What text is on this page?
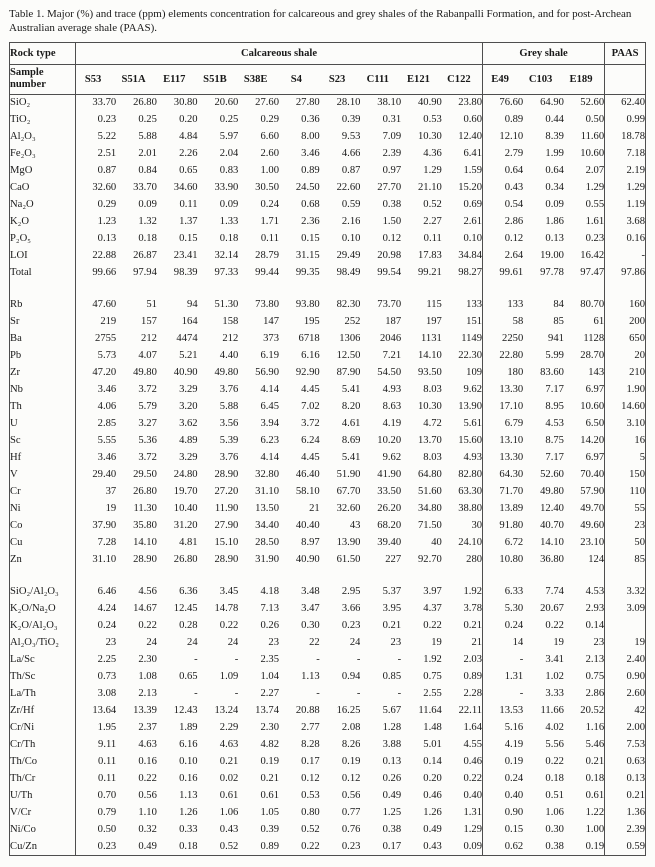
Table 1. Major (%) and trace (ppm) elements concentration for calcareous and grey shales of the Rabanpalli Formation, and for post-Archean Australian average shale (PAAS).
Rock type	Calcareous shale										Grey shale			PAAS
Sample number	S53	S51A	E117	S51B	S38E	S4	S23	C111	E121	C122	E49	C103	E189	
SiO₂	33.70	26.80	30.80	20.60	27.60	27.80	28.10	38.10	40.90	23.80	76.60	64.90	52.60	62.40
TiO₂	0.23	0.25	0.20	0.25	0.29	0.36	0.39	0.31	0.53	0.60	0.89	0.44	0.50	0.99
Al₂O₃	5.22	5.88	4.84	5.97	6.60	8.00	9.53	7.09	10.30	12.40	12.10	8.39	11.60	18.78
Fe₂O₃	2.51	2.01	2.26	2.04	2.60	3.46	4.66	2.39	4.36	6.41	2.79	1.99	10.60	7.18
MgO	0.87	0.84	0.65	0.83	1.00	0.89	0.87	0.97	1.29	1.59	0.64	0.64	2.07	2.19
CaO	32.60	33.70	34.60	33.90	30.50	24.50	22.60	27.70	21.10	15.20	0.43	0.34	1.29	1.29
Na₂O	0.29	0.09	0.11	0.09	0.24	0.68	0.59	0.38	0.52	0.69	0.54	0.09	0.55	1.19
K₂O	1.23	1.32	1.37	1.33	1.71	2.36	2.16	1.50	2.27	2.61	2.86	1.86	1.61	3.68
P₂O₅	0.13	0.18	0.15	0.18	0.11	0.15	0.10	0.12	0.11	0.10	0.12	0.13	0.23	0.16
LOI	22.88	26.87	23.41	32.14	28.79	31.15	29.49	20.98	17.83	34.84	2.64	19.00	16.42	-
Total	99.66	97.94	98.39	97.33	99.44	99.35	98.49	99.54	99.21	98.27	99.61	97.78	97.47	97.86

Rb	47.60	51	94	51.30	73.80	93.80	82.30	73.70	115	133	133	84	80.70	160
Sr	219	157	164	158	147	195	252	187	197	151	58	85	61	200
Ba	2755	212	4474	212	373	6718	1306	2046	1131	1149	2250	941	1128	650
Pb	5.73	4.07	5.21	4.40	6.19	6.16	12.50	7.21	14.10	22.30	22.80	5.99	28.70	20
Zr	47.20	49.80	40.90	49.80	56.90	92.90	87.90	54.50	93.50	109	180	83.60	143	210
Nb	3.46	3.72	3.29	3.76	4.14	4.45	5.41	4.93	8.03	9.62	13.30	7.17	6.97	1.90
Th	4.06	5.79	3.20	5.88	6.45	7.02	8.20	8.63	10.30	13.90	17.10	8.95	10.60	14.60
U	2.85	3.27	3.62	3.56	3.94	3.72	4.61	4.19	4.72	5.61	6.79	4.53	6.50	3.10
Sc	5.55	5.36	4.89	5.39	6.23	6.24	8.69	10.20	13.70	15.60	13.10	8.75	14.20	16
Hf	3.46	3.72	3.29	3.76	4.14	4.45	5.41	9.62	8.03	4.93	13.30	7.17	6.97	5
V	29.40	29.50	24.80	28.90	32.80	46.40	51.90	41.90	64.80	82.80	64.30	52.60	70.40	150
Cr	37	26.80	19.70	27.20	31.10	58.10	67.70	33.50	51.60	63.30	71.70	49.80	57.90	110
Ni	19	11.30	10.40	11.90	13.50	21	32.60	26.20	34.80	38.80	13.89	12.40	49.70	55
Co	37.90	35.80	31.20	27.90	34.40	40.40	43	68.20	71.50	30	91.80	40.70	49.60	23
Cu	7.28	14.10	4.81	15.10	28.50	8.97	13.90	39.40	40	24.10	6.72	14.10	23.10	50
Zn	31.10	28.90	26.80	28.90	31.90	40.90	61.50	227	92.70	280	10.80	36.80	124	85

SiO₂/Al₂O₃	6.46	4.56	6.36	3.45	4.18	3.48	2.95	5.37	3.97	1.92	6.33	7.74	4.53	3.32
K₂O/Na₂O	4.24	14.67	12.45	14.78	7.13	3.47	3.66	3.95	4.37	3.78	5.30	20.67	2.93	3.09
K₂O/Al₂O₃	0.24	0.22	0.28	0.22	0.26	0.30	0.23	0.21	0.22	0.21	0.24	0.22	0.14	
Al₂O₃/TiO₂	23	24	24	24	23	22	24	23	19	21	14	19	23	19
La/Sc	2.25	2.30	-	-	2.35	-	-	-	1.92	2.03	-	3.41	2.13	2.40
Th/Sc	0.73	1.08	0.65	1.09	1.04	1.13	0.94	0.85	0.75	0.89	1.31	1.02	0.75	0.90
La/Th	3.08	2.13	-	-	2.27	-	-	-	2.55	2.28	-	3.33	2.86	2.60
Zr/Hf	13.64	13.39	12.43	13.24	13.74	20.88	16.25	5.67	11.64	22.11	13.53	11.66	20.52	42
Cr/Ni	1.95	2.37	1.89	2.29	2.30	2.77	2.08	1.28	1.48	1.64	5.16	4.02	1.16	2.00
Cr/Th	9.11	4.63	6.16	4.63	4.82	8.28	8.26	3.88	5.01	4.55	4.19	5.56	5.46	7.53
Th/Co	0.11	0.16	0.10	0.21	0.19	0.17	0.19	0.13	0.14	0.46	0.19	0.22	0.21	0.63
Th/Cr	0.11	0.22	0.16	0.02	0.21	0.12	0.12	0.26	0.20	0.22	0.24	0.18	0.18	0.13
U/Th	0.70	0.56	1.13	0.61	0.61	0.53	0.56	0.49	0.46	0.40	0.40	0.51	0.61	0.21
V/Cr	0.79	1.10	1.26	1.06	1.05	0.80	0.77	1.25	1.26	1.31	0.90	1.06	1.22	1.36
Ni/Co	0.50	0.32	0.33	0.43	0.39	0.52	0.76	0.38	0.49	1.29	0.15	0.30	1.00	2.39
Cu/Zn	0.23	0.49	0.18	0.52	0.89	0.22	0.23	0.17	0.43	0.09	0.62	0.38	0.19	0.59
